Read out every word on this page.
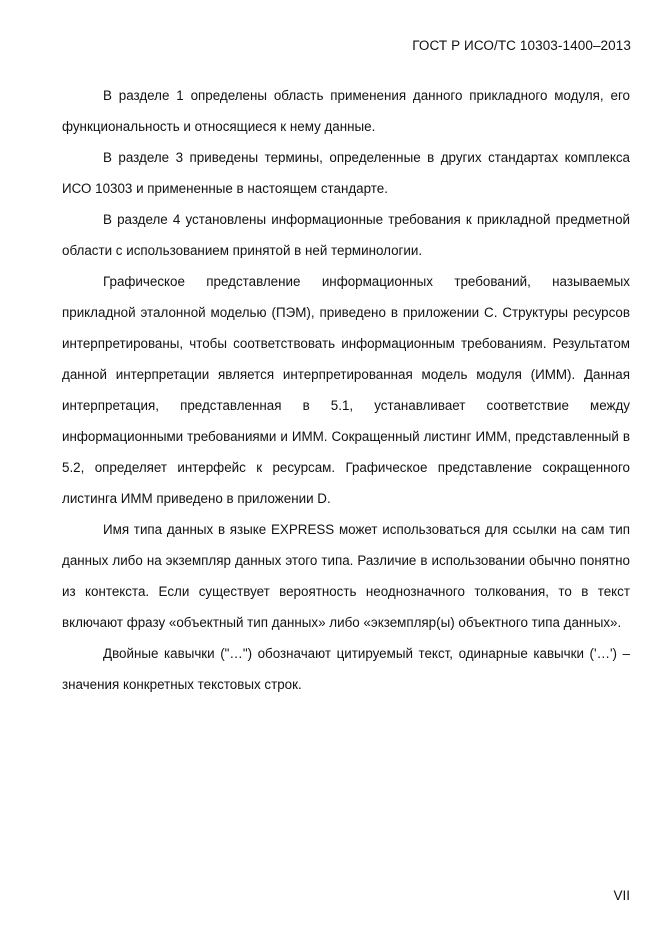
ГОСТ Р ИСО/ТС 10303-1400–2013

В разделе 1 определены область применения данного прикладного модуля, его функциональность и относящиеся к нему данные.

В разделе 3 приведены термины, определенные в других стандартах комплекса ИСО 10303 и примененные в настоящем стандарте.

В разделе 4 установлены информационные требования к прикладной предметной области с использованием принятой в ней терминологии.

Графическое представление информационных требований, называемых прикладной эталонной моделью (ПЭМ), приведено в приложении C. Структуры ресурсов интерпретированы, чтобы соответствовать информационным требованиям. Результатом данной интерпретации является интерпретированная модель модуля (ИММ). Данная интерпретация, представленная в 5.1, устанавливает соответствие между информационными требованиями и ИММ. Сокращенный листинг ИММ, представленный в 5.2, определяет интерфейс к ресурсам. Графическое представление сокращенного листинга ИММ приведено в приложении D.

Имя типа данных в языке EXPRESS может использоваться для ссылки на сам тип данных либо на экземпляр данных этого типа. Различие в использовании обычно понятно из контекста. Если существует вероятность неоднозначного толкования, то в текст включают фразу «объектный тип данных» либо «экземпляр(ы) объектного типа данных».

Двойные кавычки ("…") обозначают цитируемый текст, одинарные кавычки ('…') – значения конкретных текстовых строк.

VII
